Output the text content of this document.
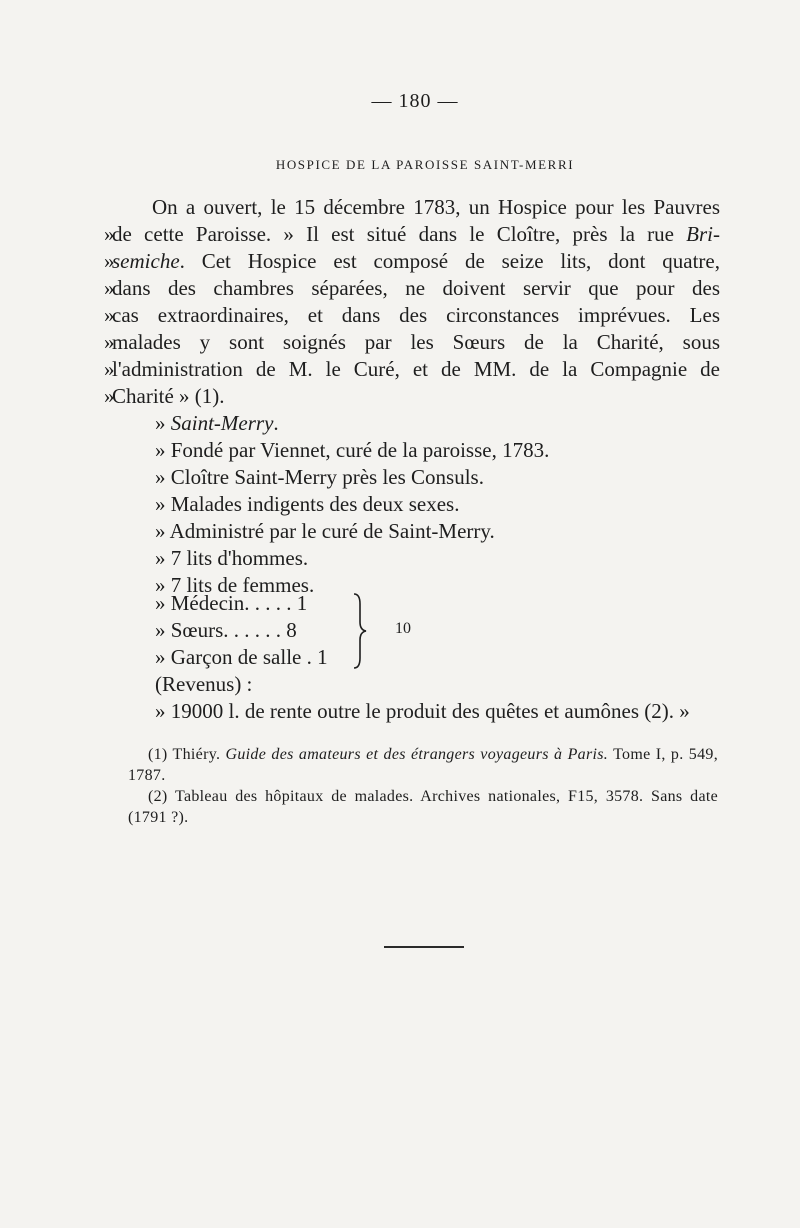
— 180 —
HOSPICE DE LA PAROISSE SAINT-MERRI
On a ouvert, le 15 décembre 1783, un Hospice pour les Pauvres
»
de cette Paroisse. » Il est situé dans le Cloître, près la rue Bri-
»
semiche. Cet Hospice est composé de seize lits, dont quatre,
»
dans des chambres séparées, ne doivent servir que pour des
»
cas extraordinaires, et dans des circonstances imprévues. Les
»
malades y sont soignés par les Sœurs de la Charité, sous
»
l'administration de M. le Curé, et de MM. de la Compagnie de
»
Charité » (1).
» Saint-Merry.
» Fondé par Viennet, curé de la paroisse, 1783.
» Cloître Saint-Merry près les Consuls.
» Malades indigents des deux sexes.
» Administré par le curé de Saint-Merry.
» 7 lits d'hommes.
» 7 lits de femmes.
» Médecin. . . . . 1
» Sœurs. . . . . . 8
» Garçon de salle . 1
(Revenus) :
» 19000 l. de rente outre le produit des quêtes et aumônes (2). »
10

(1) Thiéry. Guide des amateurs et des étrangers voyageurs à Paris. Tome I, p. 549, 1787.

(2) Tableau des hôpitaux de malades. Archives nationales, F15, 3578. Sans date (1791 ?).
